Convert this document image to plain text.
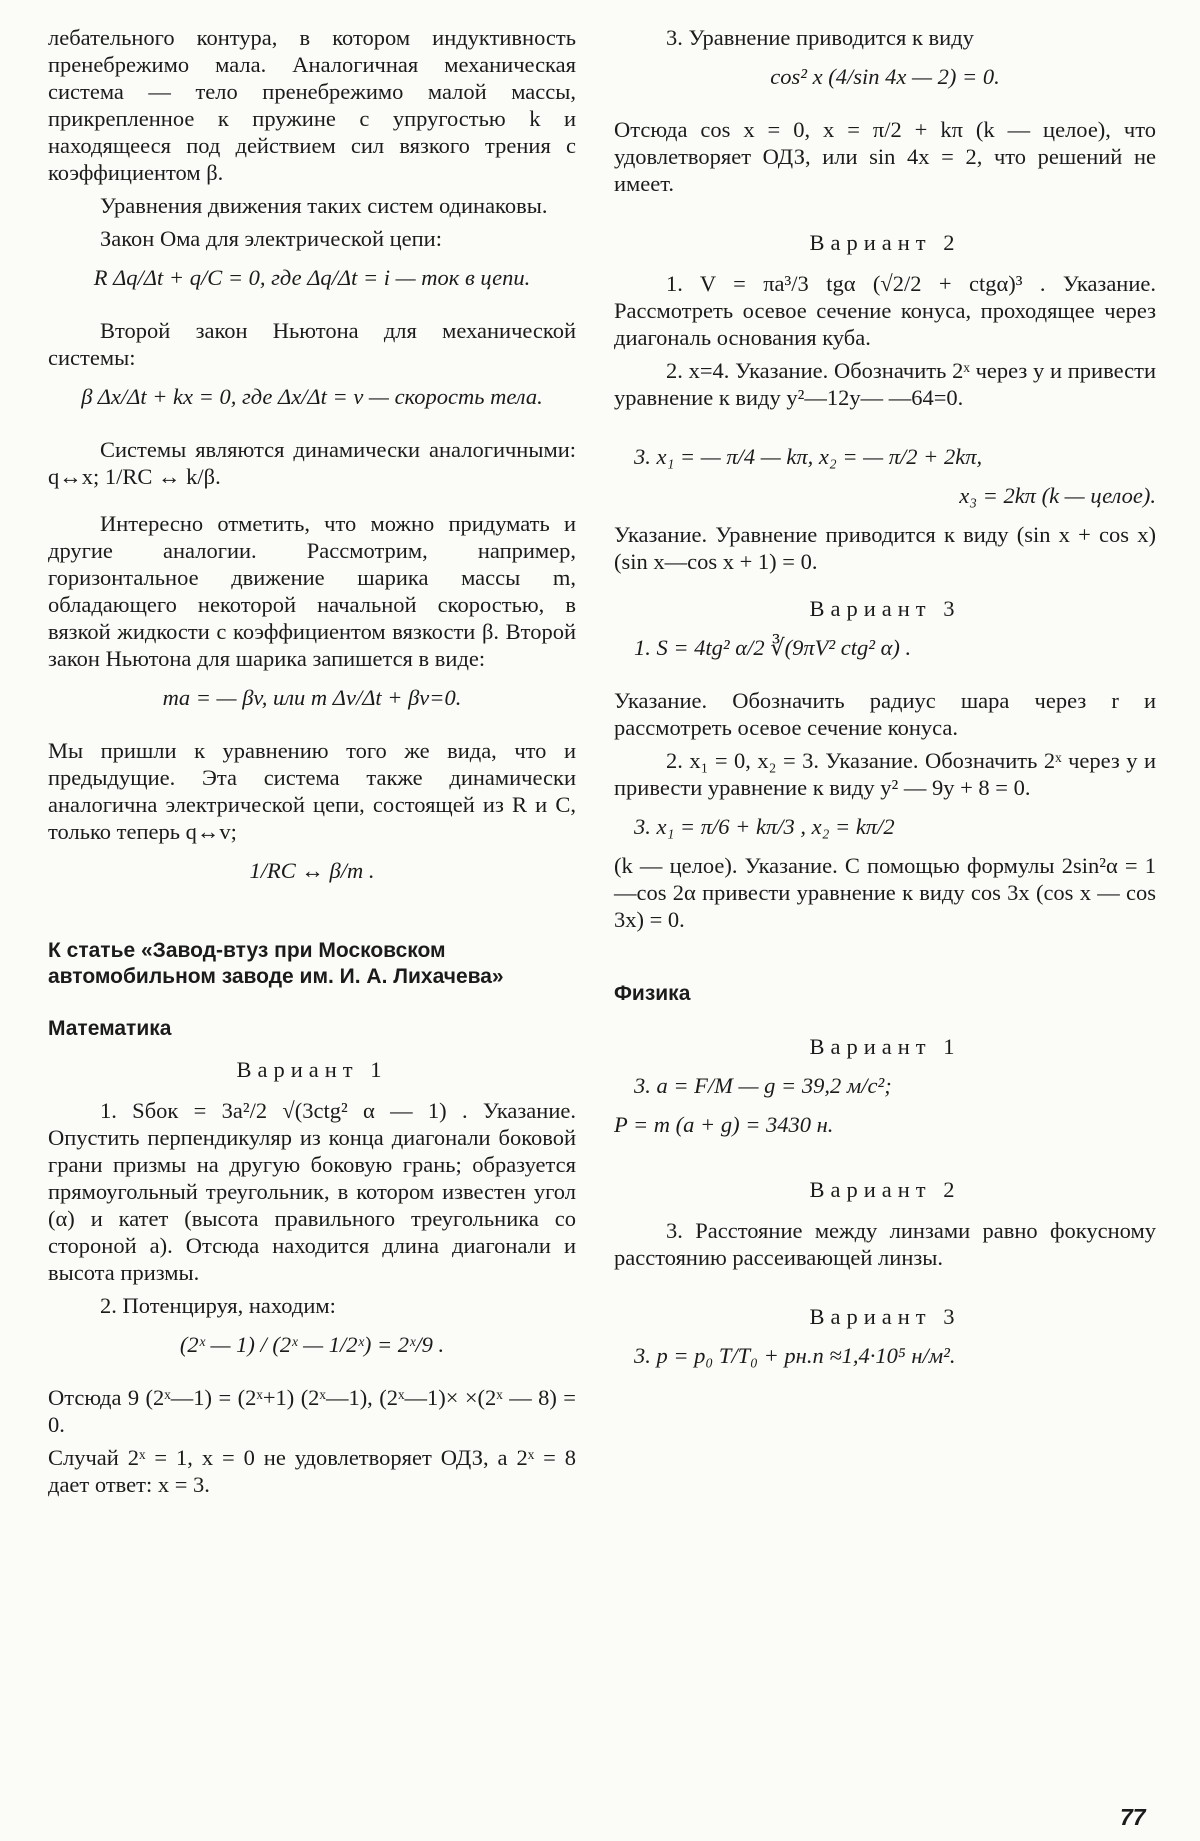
лебательного контура, в котором индуктивность пренебрежимо мала. Аналогичная механическая система — тело пренебрежимо малой массы, прикрепленное к пружине с упругостью k и находящееся под действием сил вязкого трения с коэффициентом β.

Уравнения движения таких систем одинаковы.

Закон Ома для электрической цепи:

R Δq/Δt + q/C = 0, где Δq/Δt = i — ток в цепи.

Второй закон Ньютона для механической системы:

β Δx/Δt + kx = 0, где Δx/Δt = v — скорость тела.

Системы являются динамически аналогичными: q↔x; 1/RC ↔ k/β.

Интересно отметить, что можно придумать и другие аналогии. Рассмотрим, например, горизонтальное движение шарика массы m, обладающего некоторой начальной скоростью, в вязкой жидкости с коэффициентом вязкости β. Второй закон Ньютона для шарика запишется в виде:

ma = — βv, или m Δv/Δt + βv=0.

Мы пришли к уравнению того же вида, что и предыдущие. Эта система также динамически аналогична электрической цепи, состоящей из R и C, только теперь q↔v;

1/RC ↔ β/m .
К статье «Завод-втуз при Московском автомобильном заводе им. И. А. Лихачева»
Математика
Вариант 1

1. Sбок = 3a²/2 √(3ctg² α — 1) . Указание. Опустить перпендикуляр из конца диагонали боковой грани призмы на другую боковую грань; образуется прямоугольный треугольник, в котором известен угол (α) и катет (высота правильного треугольника со стороной a). Отсюда находится длина диагонали и высота призмы.

2. Потенцируя, находим:

(2ˣ — 1) / (2ˣ — 1/2ˣ) = 2ˣ/9 .

Отсюда 9 (2ˣ—1) = (2ˣ+1) (2ˣ—1), (2ˣ—1)× ×(2ˣ — 8) = 0.

Случай 2ˣ = 1, x = 0 не удовлетворяет ОДЗ, а 2ˣ = 8 дает ответ: x = 3.

3. Уравнение приводится к виду

cos² x (4/sin 4x — 2) = 0.

Отсюда cos x = 0, x = π/2 + kπ (k — целое), что удовлетворяет ОДЗ, или sin 4x = 2, что решений не имеет.

Вариант 2

1. V = πa³/3 tgα (√2/2 + ctgα)³ . Указание. Рассмотреть осевое сечение конуса, проходящее через диагональ основания куба.

2. x=4. Указание. Обозначить 2ˣ через y и привести уравнение к виду y²—12y— —64=0.

3. x₁ = — π/4 — kπ, x₂ = — π/2 + 2kπ,
x₃ = 2kπ (k — целое).

Указание. Уравнение приводится к виду (sin x + cos x)(sin x—cos x + 1) = 0.

Вариант 3
1. S = 4tg² α/2 ∛(9πV² ctg² α) .

Указание. Обозначить радиус шара через r и рассмотреть осевое сечение конуса.

2. x₁ = 0, x₂ = 3. Указание. Обозначить 2ˣ через y и привести уравнение к виду y² — 9y + 8 = 0.

3. x₁ = π/6 + kπ/3 , x₂ = kπ/2

(k — целое). Указание. С помощью формулы 2sin²α = 1—cos 2α привести уравнение к виду cos 3x (cos x — cos 3x) = 0.

Физика
Вариант 1
3. a = F/M — g = 39,2 м/с²;
P = m (a + g) = 3430 н.
Вариант 2

3. Расстояние между линзами равно фокусному расстоянию рассеивающей линзы.

Вариант 3
3. p = p₀ T/T₀ + pн.п ≈1,4·10⁵ н/м².
77
